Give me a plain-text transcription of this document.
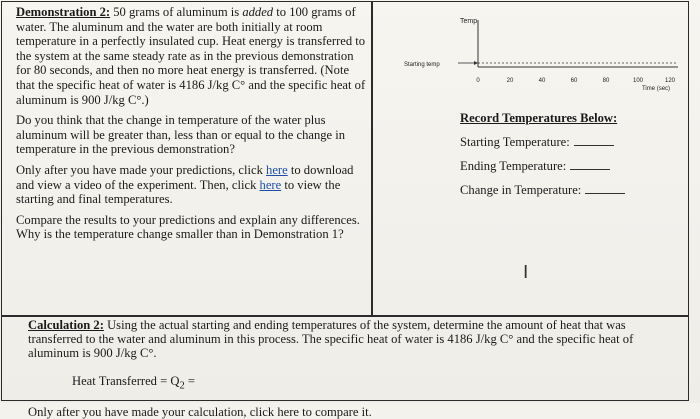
Demonstration 2: 50 grams of aluminum is added to 100 grams of water. The aluminum and the water are both initially at room temperature in a perfectly insulated cup. Heat energy is transferred to the system at the same steady rate as in the previous demonstration for 80 seconds, and then no more heat energy is transferred. (Note that the specific heat of water is 4186 J/kg C° and the specific heat of aluminum is 900 J/kg C°.)

Do you think that the change in temperature of the water plus aluminum will be greater than, less than or equal to the change in temperature in the previous demonstration?

Only after you have made your predictions, click here to download and view a video of the experiment. Then, click here to view the starting and final temperatures.

Compare the results to your predictions and explain any differences. Why is the temperature change smaller than in Demonstration 1?

Temp
Starting temp
0	20	40	60	80	100	120
Time (sec)
Record Temperatures Below:
Starting Temperature:
Ending Temperature:
Change in Temperature:

Calculation 2: Using the actual starting and ending temperatures of the system, determine the amount of heat that was transferred to the water and aluminum in this process. The specific heat of water is 4186 J/kg C° and the specific heat of aluminum is 900 J/kg C°.

Heat Transferred = $Q_2$ =

Only after you have made your calculation, click here to compare it.

I
